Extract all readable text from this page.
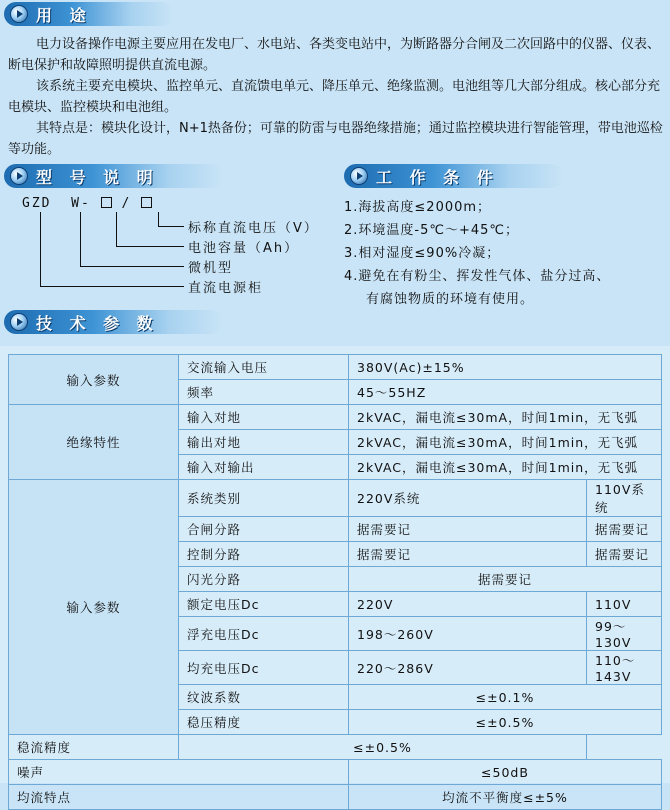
用 途

电力设备操作电源主要应用在发电厂、水电站、各类变电站中，为断路器分合闸及二次回路中的仪器、仪表、断电保护和故障照明提供直流电源。

该系统主要充电模块、监控单元、直流馈电单元、降压单元、绝缘监测。电池组等几大部分组成。核心部分充电模块、监控模块和电池组。

其特点是：模块化设计，N+1热备份；可靠的防雷与电器绝缘措施；通过监控模块进行智能管理，带电池巡检等功能。

型 号 说 明	工 作 条 件
GZD W- /
标称直流电压（V）
电池容量（Ah）
微机型
直流电源柜
1.海拔高度≤2000m；
2.环境温度-5℃～+45℃；
3.相对湿度≤90%冷凝；
4.避免在有粉尘、挥发性气体、盐分过高、
有腐蚀物质的环境有使用。
技 术 参 数
输入参数	交流输入电压	380V(Ac)±15%	
	频率	45～55HZ	
绝缘特性	输入对地	2kVAC，漏电流≤30mA，时间1min，无飞弧	
	输出对地	2kVAC，漏电流≤30mA，时间1min，无飞弧	
	输入对输出	2kVAC，漏电流≤30mA，时间1min，无飞弧	
输入参数	系统类别	220V系统	110V系统
	合闸分路	据需要记	据需要记
	控制分路	据需要记	据需要记
	闪光分路	据需要记	
	额定电压Dc	220V	110V
	浮充电压Dc	198～260V	99～130V
	均充电压Dc	220～286V	110～143V
	纹波系数	≤±0.1%	
	稳压精度	≤±0.5%	
稳流精度	≤±0.5%		
噪声		≤50dB	
均流特点		均流不平衡度≤±5%	
